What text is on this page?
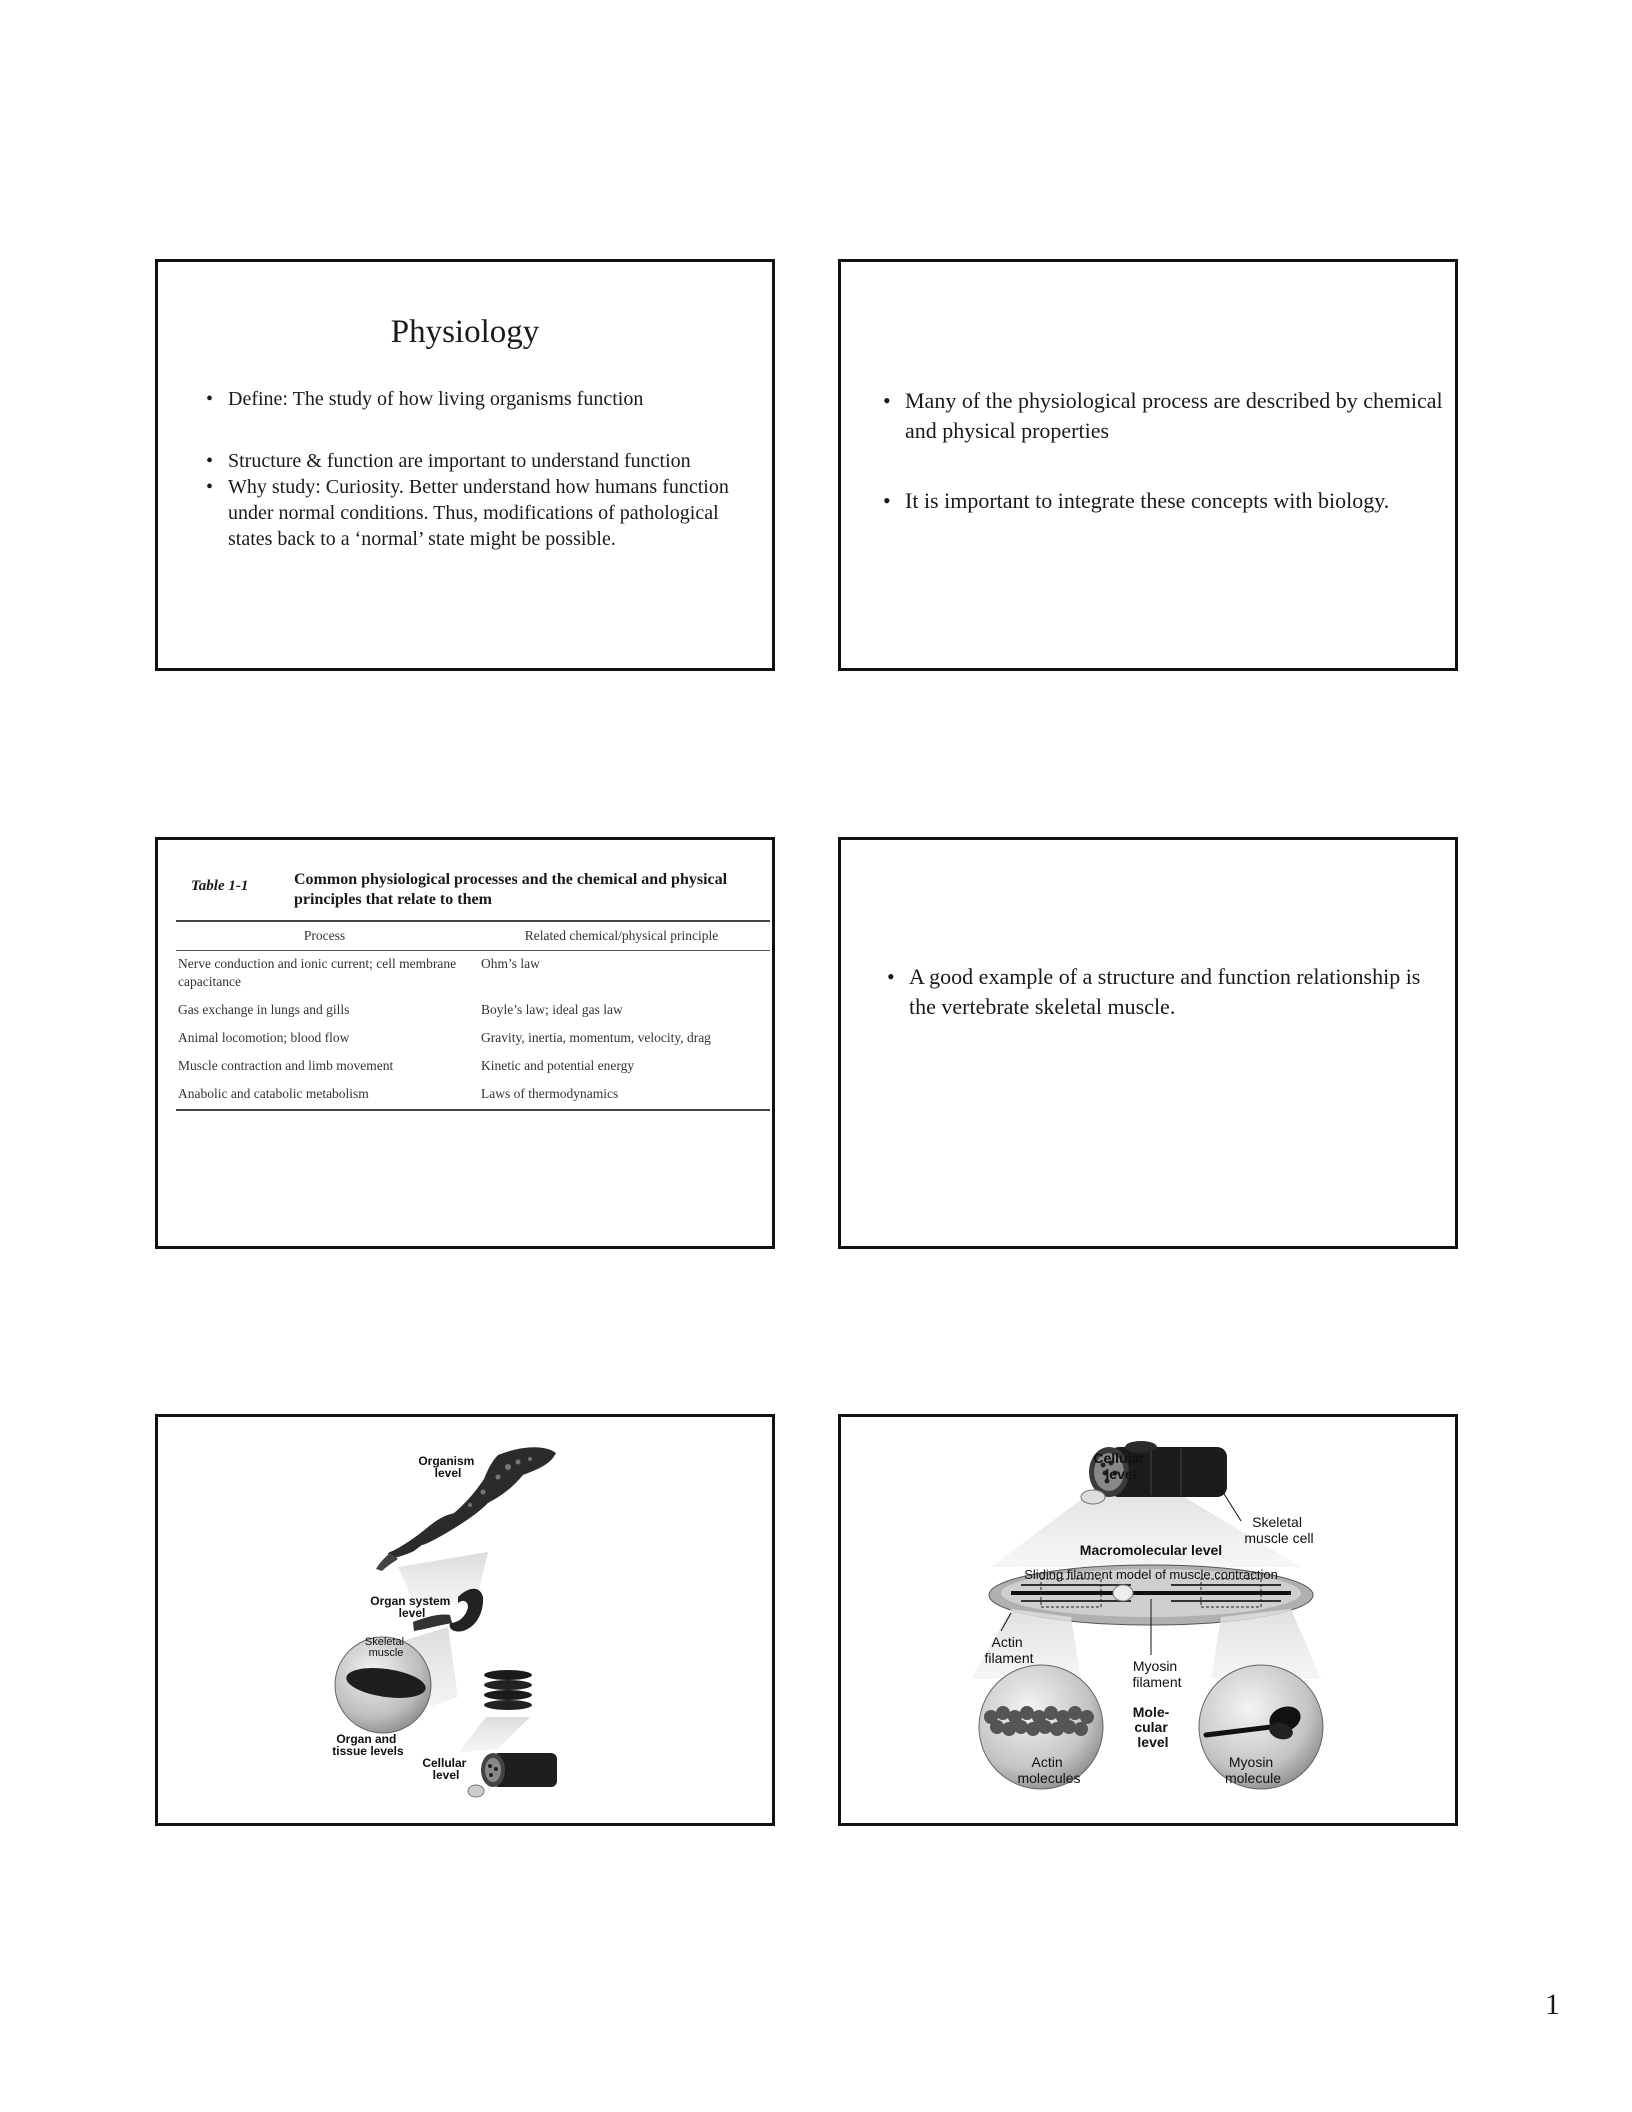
Physiology
• Define: The study of how living organisms function
• Structure & function are important to understand function
• Why study: Curiosity. Better understand how humans function under normal conditions. Thus, modifications of pathological states back to a ‘normal’ state might be possible.
• Many of the physiological process are described by chemical and physical properties
• It is important to integrate these concepts with biology.
Table 1-1	Common physiological processes and the chemical and physical principles that relate to them
Process	Related chemical/physical principle
Nerve conduction and ionic current; cell membrane capacitance	Ohm’s law
Gas exchange in lungs and gills	Boyle’s law; ideal gas law
Animal locomotion; blood flow	Gravity, inertia, momentum, velocity, drag
Muscle contraction and limb movement	Kinetic and potential energy
Anabolic and catabolic metabolism	Laws of thermodynamics
• A good example of a structure and function relationship is the vertebrate skeletal muscle.
Organism level
Organ system level
Skeletal muscle
Organ and tissue levels
Cellular level
Cellular level
Skeletal muscle cell
Macromolecular level
Sliding filament model of muscle contraction
Actin filament	Myosin filament
Mole- cular level
Actin molecules
Myosin molecule
1
